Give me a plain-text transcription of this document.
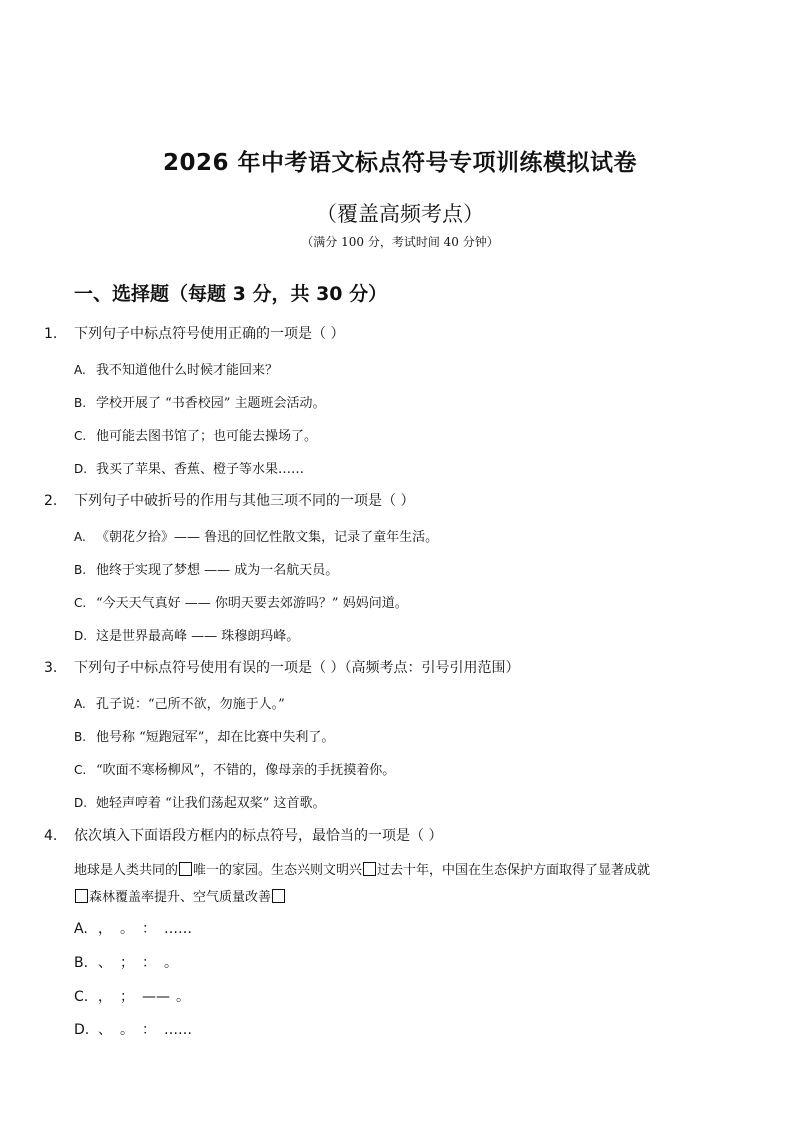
2026 年中考语文标点符号专项训练模拟试卷
（覆盖高频考点）
（满分 100 分，考试时间 40 分钟）
一、选择题（每题 3 分，共 30 分）
1. 下列句子中标点符号使用正确的一项是（ ）
A. 我不知道他什么时候才能回来？
B. 学校开展了 “书香校园” 主题班会活动。
C. 他可能去图书馆了；也可能去操场了。
D. 我买了苹果、香蕉、橙子等水果……
2. 下列句子中破折号的作用与其他三项不同的一项是（ ）
A. 《朝花夕拾》—— 鲁迅的回忆性散文集，记录了童年生活。
B. 他终于实现了梦想 —— 成为一名航天员。
C. “今天天气真好 —— 你明天要去郊游吗？” 妈妈问道。
D. 这是世界最高峰 —— 珠穆朗玛峰。
3. 下列句子中标点符号使用有误的一项是（ ）（高频考点：引号引用范围）
A. 孔子说：“己所不欲，勿施于人。”
B. 他号称 “短跑冠军”，却在比赛中失利了。
C. “吹面不寒杨柳风”，不错的，像母亲的手抚摸着你。
D. 她轻声哼着 “让我们荡起双桨” 这首歌。
4. 依次填入下面语段方框内的标点符号，最恰当的一项是（ ）
地球是人类共同的 唯一的家园。生态兴则文明兴 过去十年，中国在生态保护方面取得了显著成就
森林覆盖率提升、空气质量改善
A. ， 。 ： ……
B. 、 ； ： 。
C. ， ； —— 。
D. 、 。 ： ……
